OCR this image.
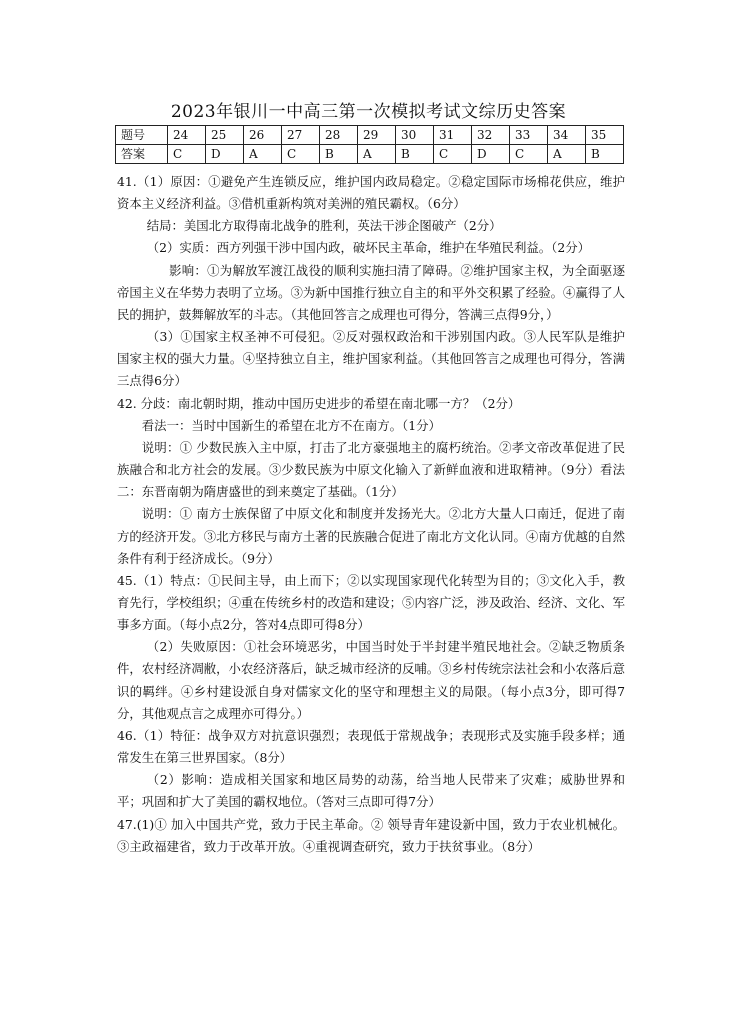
2023年银川一中高三第一次模拟考试文综历史答案
题号	24	25	26	27	28	29	30	31	32	33	34	35
答案	C	D	A	C	B	A	B	C	D	C	A	B

41.（1）原因：①避免产生连锁反应，维护国内政局稳定。②稳定国际市场棉花供应，维护资本主义经济利益。③借机重新构筑对美洲的殖民霸权。（6分）

结局：美国北方取得南北战争的胜利，英法干涉企图破产（2分）

（2）实质：西方列强干涉中国内政，破坏民主革命，维护在华殖民利益。（2分）

影响：①为解放军渡江战役的顺利实施扫清了障碍。②维护国家主权，为全面驱逐帝国主义在华势力表明了立场。③为新中国推行独立自主的和平外交积累了经验。④赢得了人民的拥护，鼓舞解放军的斗志。（其他回答言之成理也可得分，答满三点得9分，）

（3）①国家主权圣神不可侵犯。②反对强权政治和干涉别国内政。③人民军队是维护国家主权的强大力量。④坚持独立自主，维护国家利益。（其他回答言之成理也可得分，答满三点得6分）

42. 分歧：南北朝时期，推动中国历史进步的希望在南北哪一方？（2分）

看法一：当时中国新生的希望在北方不在南方。（1分）

说明：① 少数民族入主中原，打击了北方豪强地主的腐朽统治。②孝文帝改革促进了民族融合和北方社会的发展。③少数民族为中原文化输入了新鲜血液和进取精神。（9分）看法二：东晋南朝为隋唐盛世的到来奠定了基础。（1分）

说明：① 南方士族保留了中原文化和制度并发扬光大。②北方大量人口南迁，促进了南方的经济开发。③北方移民与南方土著的民族融合促进了南北方文化认同。④南方优越的自然条件有利于经济成长。（9分）

45.（1）特点：①民间主导，由上而下；②以实现国家现代化转型为目的；③文化入手，教育先行，学校组织；④重在传统乡村的改造和建设；⑤内容广泛，涉及政治、经济、文化、军事多方面。（每小点2分，答对4点即可得8分）

（2）失败原因：①社会环境恶劣，中国当时处于半封建半殖民地社会。②缺乏物质条件，农村经济凋敝，小农经济落后，缺乏城市经济的反哺。③乡村传统宗法社会和小农落后意识的羁绊。④乡村建设派自身对儒家文化的坚守和理想主义的局限。（每小点3分，即可得7分，其他观点言之成理亦可得分。）

46.（1）特征：战争双方对抗意识强烈；表现低于常规战争；表现形式及实施手段多样；通常发生在第三世界国家。（8分）

（2）影响：造成相关国家和地区局势的动荡，给当地人民带来了灾难；威胁世界和平；巩固和扩大了美国的霸权地位。（答对三点即可得7分）

47.(1)① 加入中国共产党，致力于民主革命。② 领导青年建设新中国，致力于农业机械化。③主政福建省，致力于改革开放。④重视调查研究，致力于扶贫事业。（8分）
